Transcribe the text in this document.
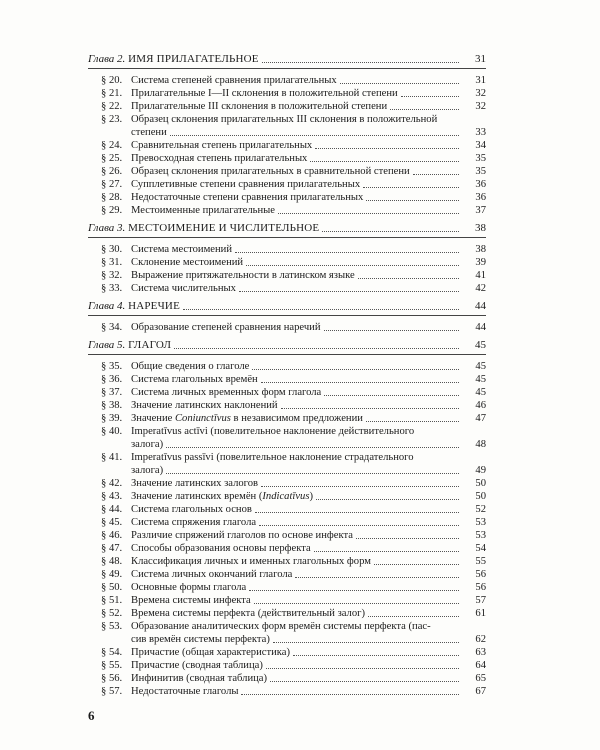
Глава 2. ИМЯ ПРИЛАГАТЕЛЬНОЕ	31
§ 20. Система степеней сравнения прилагательных	31
§ 21. Прилагательные I—II склонения в положительной степени	32
§ 22. Прилагательные III склонения в положительной степени	32
§ 23. Образец склонения прилагательных III склонения в положительной
степени	33
§ 24. Сравнительная степень прилагательных	34
§ 25. Превосходная степень прилагательных	35
§ 26. Образец склонения прилагательных в сравнительной степени	35
§ 27. Супплетивные степени сравнения прилагательных	36
§ 28. Недостаточные степени сравнения прилагательных	36
§ 29. Местоименные прилагательные	37
Глава 3. МЕСТОИМЕНИЕ И ЧИСЛИТЕЛЬНОЕ	38
§ 30. Система местоимений	38
§ 31. Склонение местоимений	39
§ 32. Выражение притяжательности в латинском языке	41
§ 33. Система числительных	42
Глава 4. НАРЕЧИЕ	44
§ 34. Образование степеней сравнения наречий	44
Глава 5. ГЛАГОЛ	45
§ 35. Общие сведения о глаголе	45
§ 36. Система глагольных времён	45
§ 37. Система личных временных форм глагола	45
§ 38. Значение латинских наклонений	46
§ 39. Значение Coniunctīvus в независимом предложении	47
§ 40. Imperatīvus actīvi (повелительное наклонение действительного
залога)	48
§ 41. Imperatīvus passīvi (повелительное наклонение страдательного
залога)	49
§ 42. Значение латинских залогов	50
§ 43. Значение латинских времён (Indicatīvus)	50
§ 44. Система глагольных основ	52
§ 45. Система спряжения глагола	53
§ 46. Различие спряжений глаголов по основе инфекта	53
§ 47. Способы образования основы перфекта	54
§ 48. Классификация личных и именных глагольных форм	55
§ 49. Система личных окончаний глагола	56
§ 50. Основные формы глагола	56
§ 51. Времена системы инфекта	57
§ 52. Времена системы перфекта (действительный залог)	61
§ 53. Образование аналитических форм времён системы перфекта (пас-
сив времён системы перфекта)	62
§ 54. Причастие (общая характеристика)	63
§ 55. Причастие (сводная таблица)	64
§ 56. Инфинитив (сводная таблица)	65
§ 57. Недостаточные глаголы	67
6
